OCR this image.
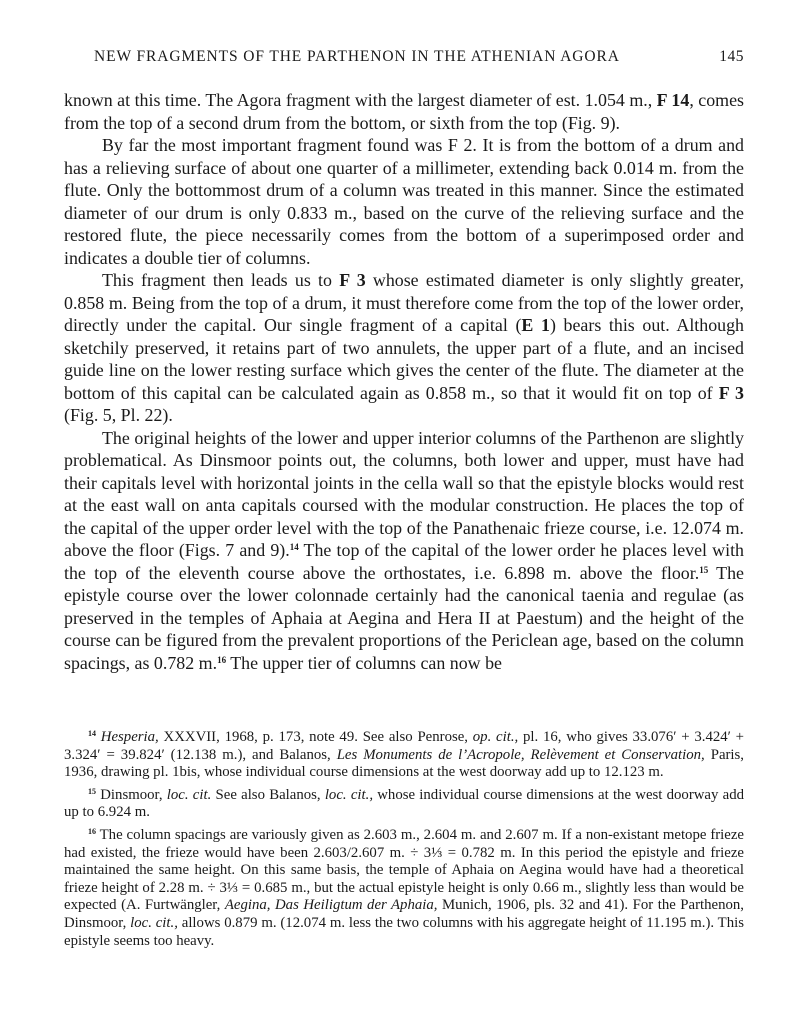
NEW FRAGMENTS OF THE PARTHENON IN THE ATHENIAN AGORA	145

known at this time. The Agora fragment with the largest diameter of est. 1.054 m., F 14, comes from the top of a second drum from the bottom, or sixth from the top (Fig. 9).

By far the most important fragment found was F 2. It is from the bottom of a drum and has a relieving surface of about one quarter of a millimeter, extending back 0.014 m. from the flute. Only the bottommost drum of a column was treated in this manner. Since the estimated diameter of our drum is only 0.833 m., based on the curve of the relieving surface and the restored flute, the piece necessarily comes from the bottom of a superimposed order and indicates a double tier of columns.

This fragment then leads us to F 3 whose estimated diameter is only slightly greater, 0.858 m. Being from the top of a drum, it must therefore come from the top of the lower order, directly under the capital. Our single fragment of a capital (E 1) bears this out. Although sketchily preserved, it retains part of two annulets, the upper part of a flute, and an incised guide line on the lower resting surface which gives the center of the flute. The diameter at the bottom of this capital can be calculated again as 0.858 m., so that it would fit on top of F 3 (Fig. 5, Pl. 22).

The original heights of the lower and upper interior columns of the Parthenon are slightly problematical. As Dinsmoor points out, the columns, both lower and upper, must have had their capitals level with horizontal joints in the cella wall so that the epistyle blocks would rest at the east wall on anta capitals coursed with the modular construction. He places the top of the capital of the upper order level with the top of the Panathenaic frieze course, i.e. 12.074 m. above the floor (Figs. 7 and 9).$^{14}$ The top of the capital of the lower order he places level with the top of the eleventh course above the orthostates, i.e. 6.898 m. above the floor.$^{15}$ The epistyle course over the lower colonnade certainly had the canonical taenia and regulae (as preserved in the temples of Aphaia at Aegina and Hera II at Paestum) and the height of the course can be figured from the prevalent proportions of the Periclean age, based on the column spacings, as 0.782 m.$^{16}$ The upper tier of columns can now be

$^{14}$ Hesperia, XXXVII, 1968, p. 173, note 49. See also Penrose, op. cit., pl. 16, who gives 33.076′ + 3.424′ + 3.324′ = 39.824′ (12.138 m.), and Balanos, Les Monuments de l’Acropole, Relèvement et Conservation, Paris, 1936, drawing pl. 1bis, whose individual course dimensions at the west doorway add up to 12.123 m.

$^{15}$ Dinsmoor, loc. cit. See also Balanos, loc. cit., whose individual course dimensions at the west doorway add up to 6.924 m.

$^{16}$ The column spacings are variously given as 2.603 m., 2.604 m. and 2.607 m. If a non-existant metope frieze had existed, the frieze would have been 2.603/2.607 m. ÷ 3⅓ = 0.782 m. In this period the epistyle and frieze maintained the same height. On this same basis, the temple of Aphaia on Aegina would have had a theoretical frieze height of 2.28 m. ÷ 3⅓ = 0.685 m., but the actual epistyle height is only 0.66 m., slightly less than would be expected (A. Furtwängler, Aegina, Das Heiligtum der Aphaia, Munich, 1906, pls. 32 and 41). For the Parthenon, Dinsmoor, loc. cit., allows 0.879 m. (12.074 m. less the two columns with his aggregate height of 11.195 m.). This epistyle seems too heavy.
